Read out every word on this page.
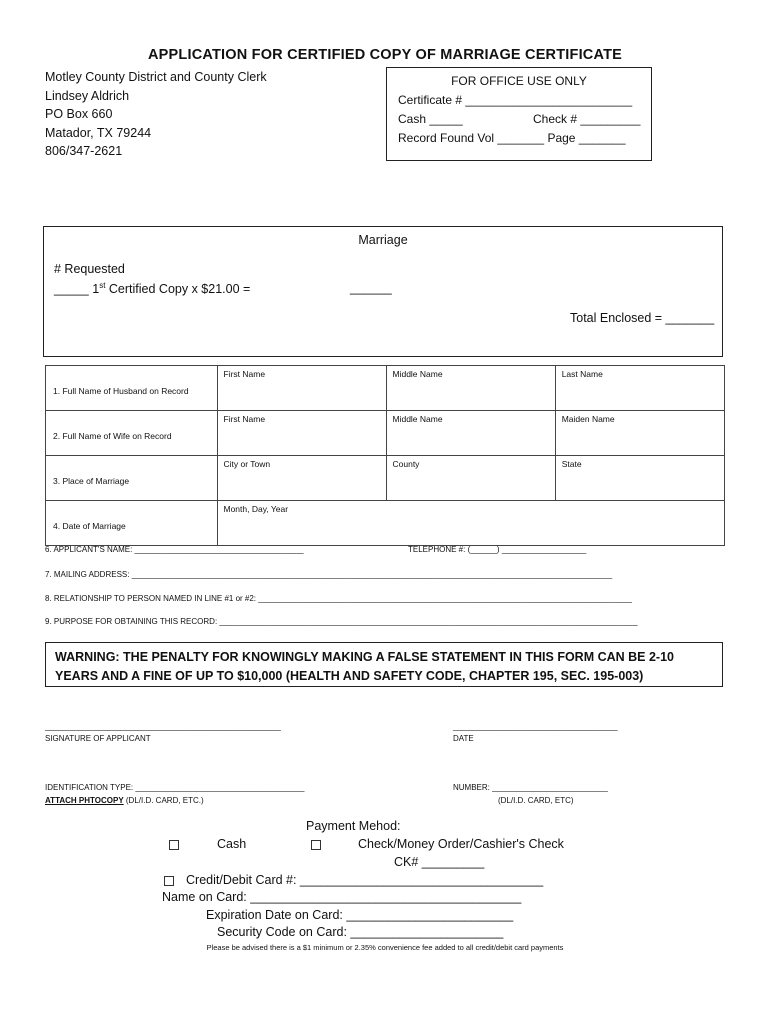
APPLICATION FOR CERTIFIED COPY OF MARRIAGE CERTIFICATE
Motley County District and County Clerk
Lindsey Aldrich
PO Box 660
Matador, TX 79244
806/347-2621
FOR OFFICE USE ONLY
Certificate # _________________________
Cash _____	Check # _________
Record Found Vol _______ Page _______
Marriage
# Requested
_____ 1st Certified Copy x $21.00 =	______
Total Enclosed = _______
1. Full Name of Husband on Record	First Name	Middle Name	Last Name
2. Full Name of Wife on Record	First Name	Middle Name	Maiden Name
3. Place of Marriage	City or Town	County	State
4. Date of Marriage	Month, Day, Year		
6. APPLICANT'S NAME: ______________________________________	TELEPHONE #: (______) ___________________
7. MAILING ADDRESS: ____________________________________________________________________________________________________________
8. RELATIONSHIP TO PERSON NAMED IN LINE #1 or #2: ____________________________________________________________________________________
9. PURPOSE FOR OBTAINING THIS RECORD: ______________________________________________________________________________________________
WARNING: THE PENALTY FOR KNOWINGLY MAKING A FALSE STATEMENT IN THIS FORM CAN BE 2-10 YEARS AND A FINE OF UP TO $10,000 (HEALTH AND SAFETY CODE, CHAPTER 195, SEC. 195-003)
_____________________________________________________
SIGNATURE OF APPLICANT
_____________________________________
DATE
IDENTIFICATION TYPE: ______________________________________
ATTACH PHTOCOPY (DL/I.D. CARD, ETC.)
NUMBER: __________________________
(DL/I.D. CARD, ETC)
Payment Mehod:
Cash	Check/Money Order/Cashier's Check
CK# _________
Credit/Debit Card #: ___________________________________
Name on Card: _______________________________________
Expiration Date on Card: ________________________
Security Code on Card: ______________________
Please be advised there is a $1 minimum or 2.35% convenience fee added to all credit/debit card payments
